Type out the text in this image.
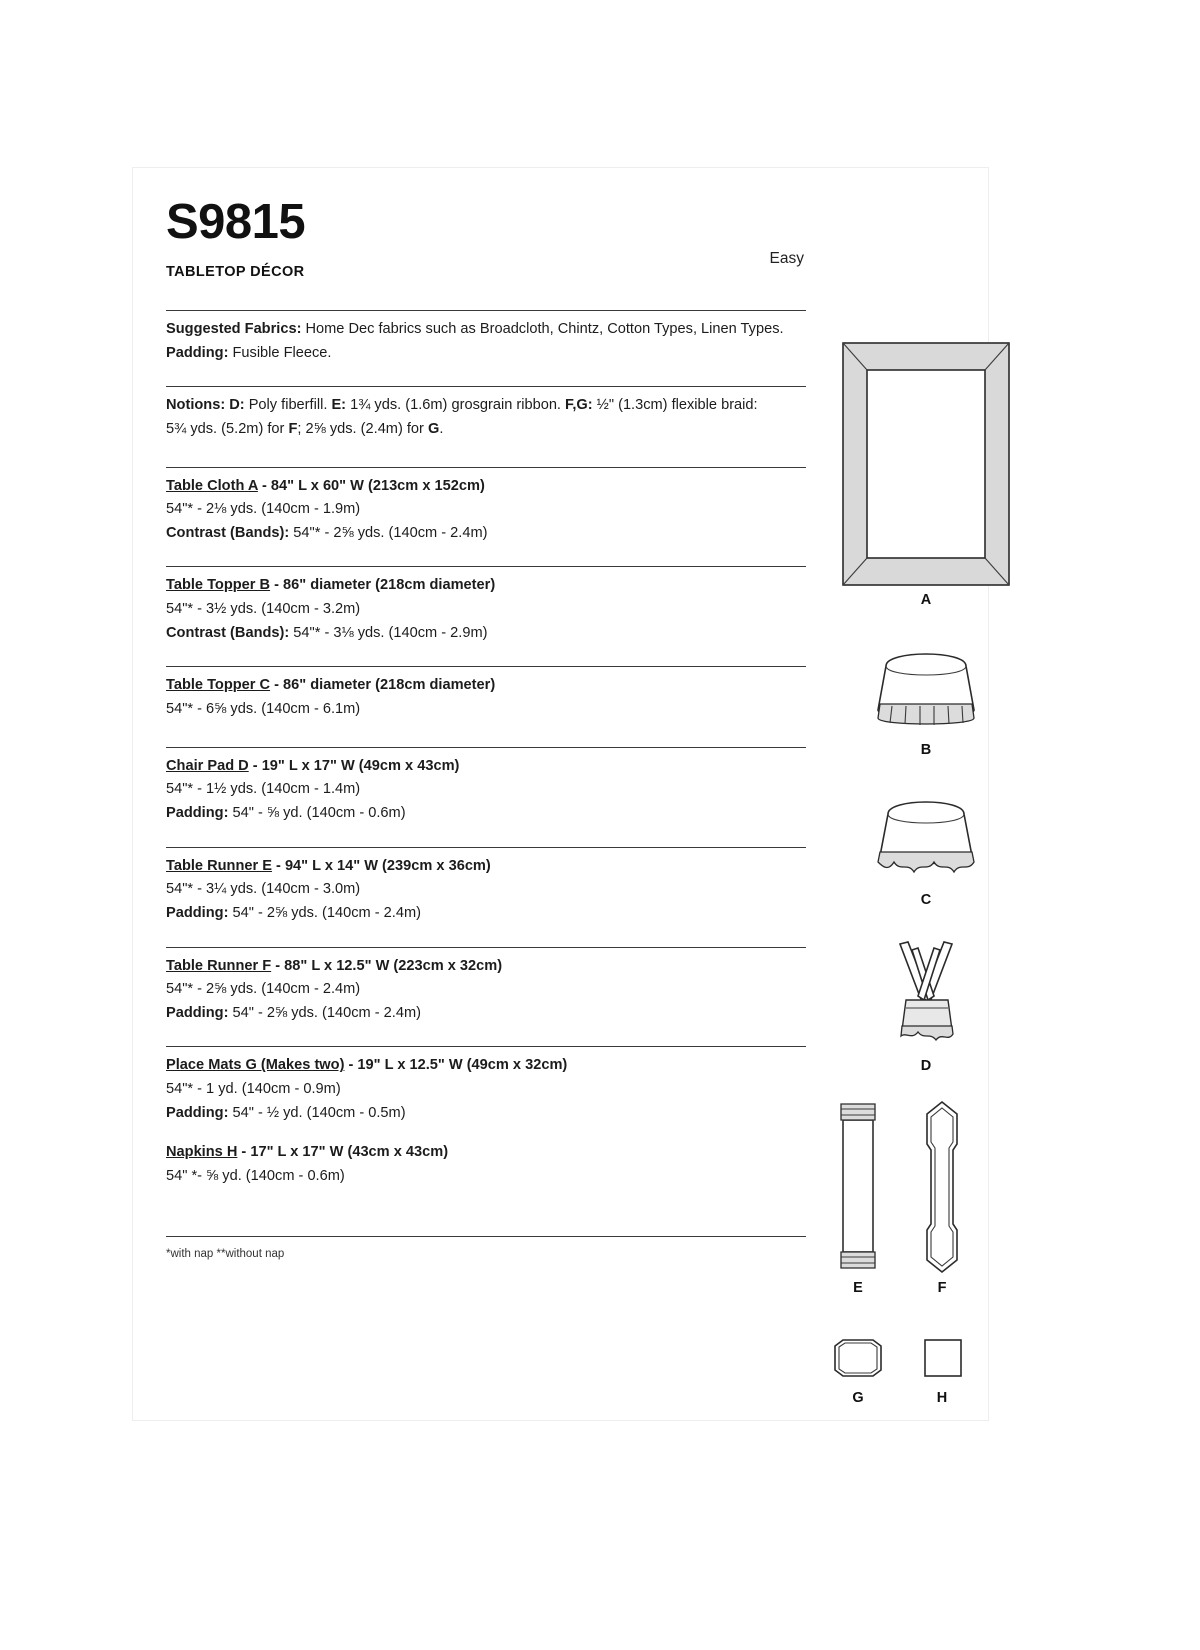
S9815
Easy
TABLETOP DÉCOR

Suggested Fabrics: Home Dec fabrics such as Broadcloth, Chintz, Cotton Types, Linen Types. Padding: Fusible Fleece.

Notions: D: Poly fiberfill. E: 1¾ yds. (1.6m) grosgrain ribbon. F,G: ½" (1.3cm) flexible braid:

5¾ yds. (5.2m) for F; 2⅝ yds. (2.4m) for G.

Table Cloth A - 84" L x 60" W (213cm x 152cm)

54"* - 2⅛ yds. (140cm - 1.9m)

Contrast (Bands): 54"* - 2⅝ yds. (140cm - 2.4m)

Table Topper B - 86" diameter (218cm diameter)

54"* - 3½ yds. (140cm - 3.2m)

Contrast (Bands): 54"* - 3⅛ yds. (140cm - 2.9m)

Table Topper C - 86" diameter (218cm diameter)

54"* - 6⅝ yds. (140cm - 6.1m)

Chair Pad D - 19" L x 17" W (49cm x 43cm)

54"* - 1½ yds. (140cm - 1.4m)

Padding: 54" - ⅝ yd. (140cm - 0.6m)

Table Runner E - 94" L x 14" W (239cm x 36cm)

54"* - 3¼ yds. (140cm - 3.0m)

Padding: 54" - 2⅝ yds. (140cm - 2.4m)

Table Runner F - 88" L x 12.5" W (223cm x 32cm)

54"* - 2⅝ yds. (140cm - 2.4m)

Padding: 54" - 2⅝ yds. (140cm - 2.4m)

Place Mats G (Makes two) - 19" L x 12.5" W (49cm x 32cm)

54"* - 1 yd. (140cm - 0.9m)

Padding: 54" - ½ yd. (140cm - 0.5m)

Napkins H - 17" L x 17" W (43cm x 43cm)

54" *- ⅝ yd. (140cm - 0.6m)

*with nap **without nap
A
B
C
D
E	F
G	H
